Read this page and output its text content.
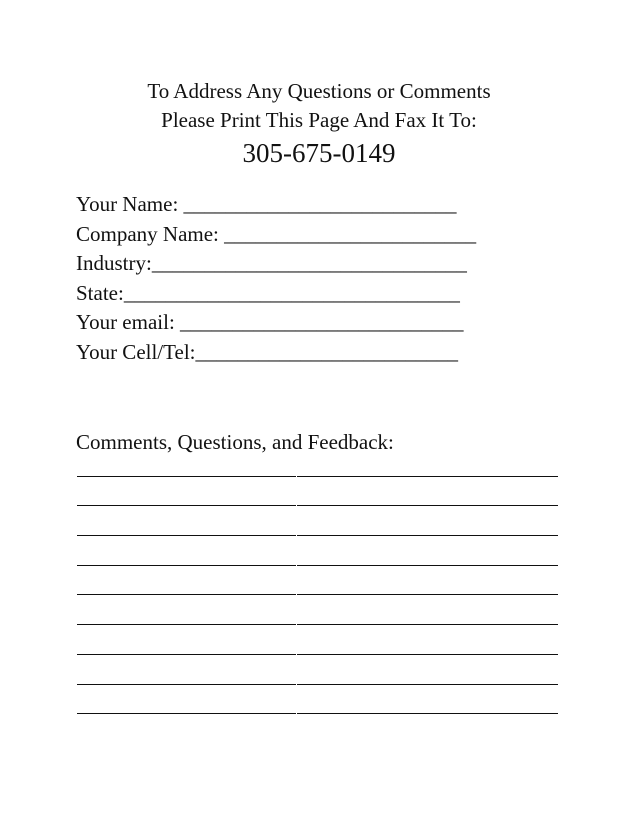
To Address Any Questions or Comments
Please Print This Page And Fax It To:
305-675-0149
Your Name: __________________________
Company Name: ________________________
Industry:______________________________
State:________________________________
Your email: ___________________________
Your Cell/Tel:_________________________
Comments, Questions, and Feedback:
